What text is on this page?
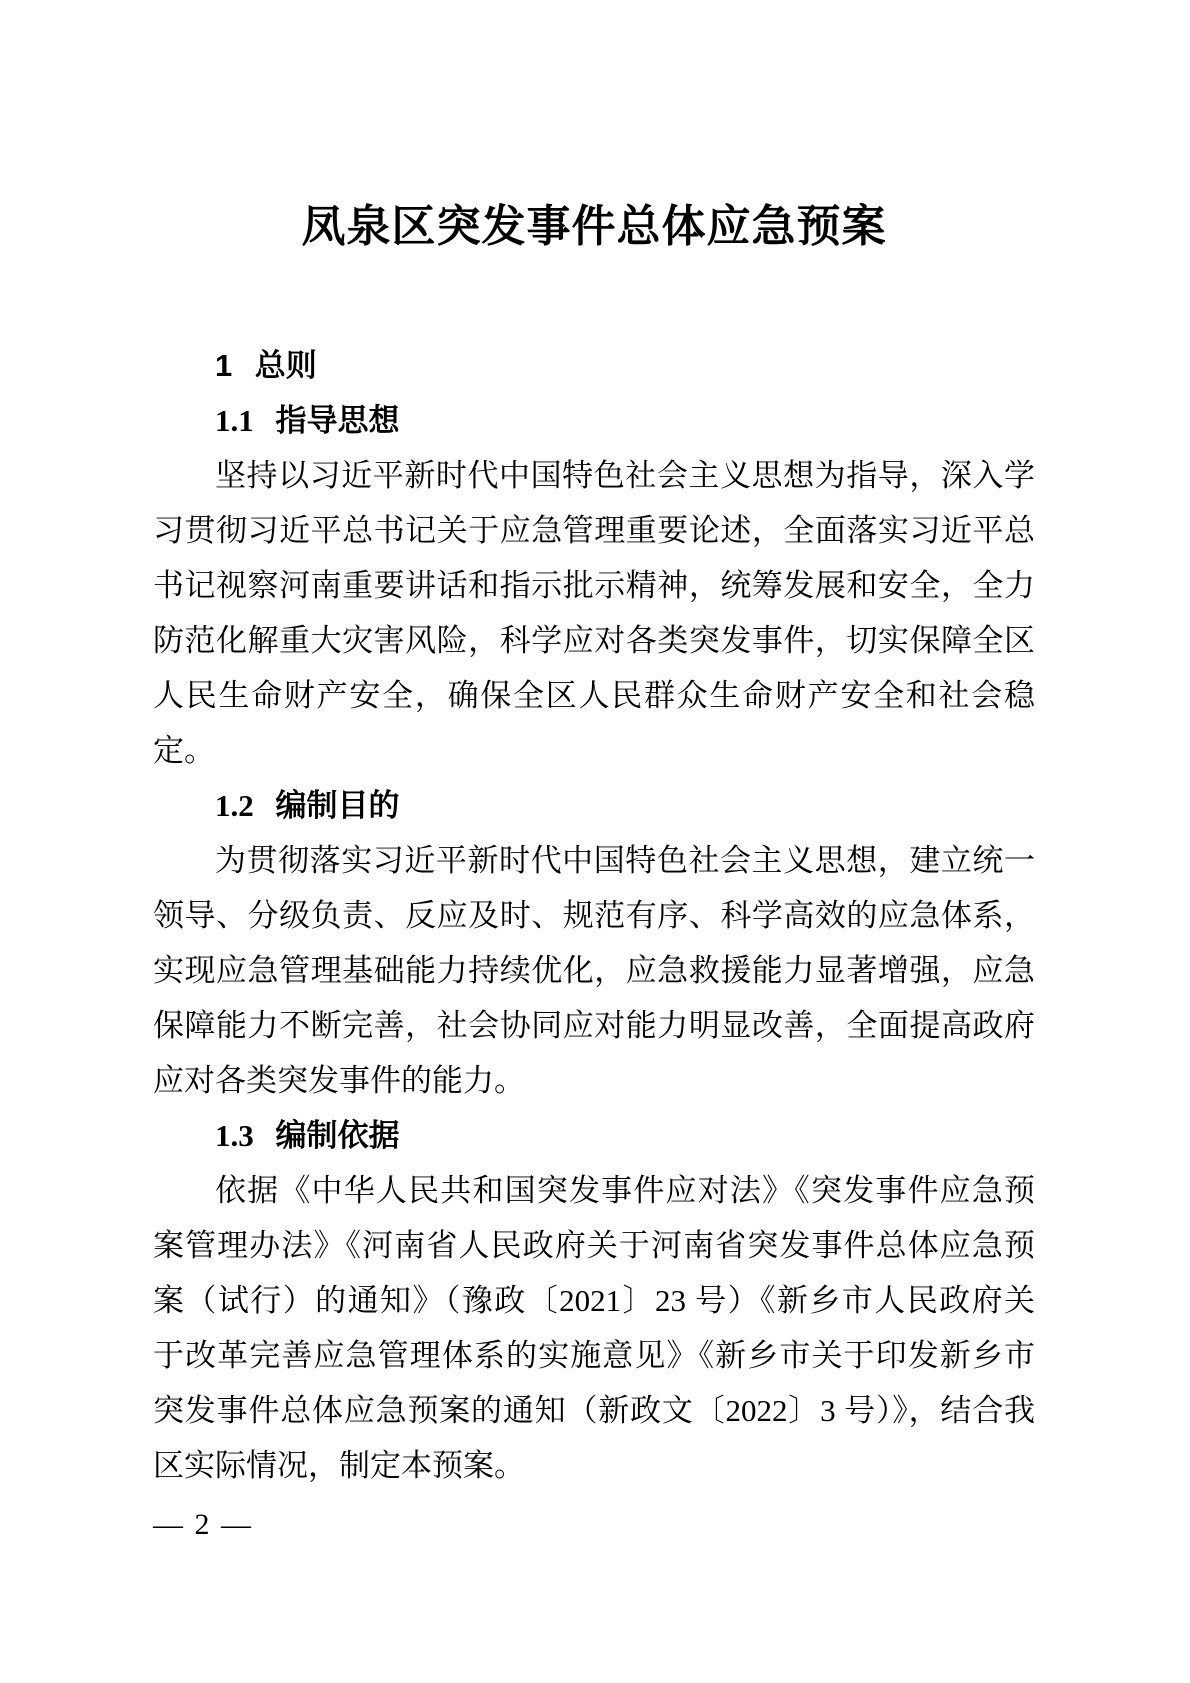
凤泉区突发事件总体应急预案
1 总则
1.1 指导思想
坚持以习近平新时代中国特色社会主义思想为指导，深入学
习贯彻习近平总书记关于应急管理重要论述，全面落实习近平总
书记视察河南重要讲话和指示批示精神，统筹发展和安全，全力
防范化解重大灾害风险，科学应对各类突发事件，切实保障全区
人民生命财产安全，确保全区人民群众生命财产安全和社会稳
定。
1.2 编制目的
为贯彻落实习近平新时代中国特色社会主义思想，建立统一
领导、分级负责、反应及时、规范有序、科学高效的应急体系，
实现应急管理基础能力持续优化，应急救援能力显著增强，应急
保障能力不断完善，社会协同应对能力明显改善，全面提高政府
应对各类突发事件的能力。
1.3 编制依据
依据《中华人民共和国突发事件应对法》《突发事件应急预
案管理办法》《河南省人民政府关于河南省突发事件总体应急预
案（试行）的通知》（豫政〔2021〕23 号）《新乡市人民政府关
于改革完善应急管理体系的实施意见》《新乡市关于印发新乡市
突发事件总体应急预案的通知（新政文〔2022〕3 号）》，结合我
区实际情况，制定本预案。
— 2 —
